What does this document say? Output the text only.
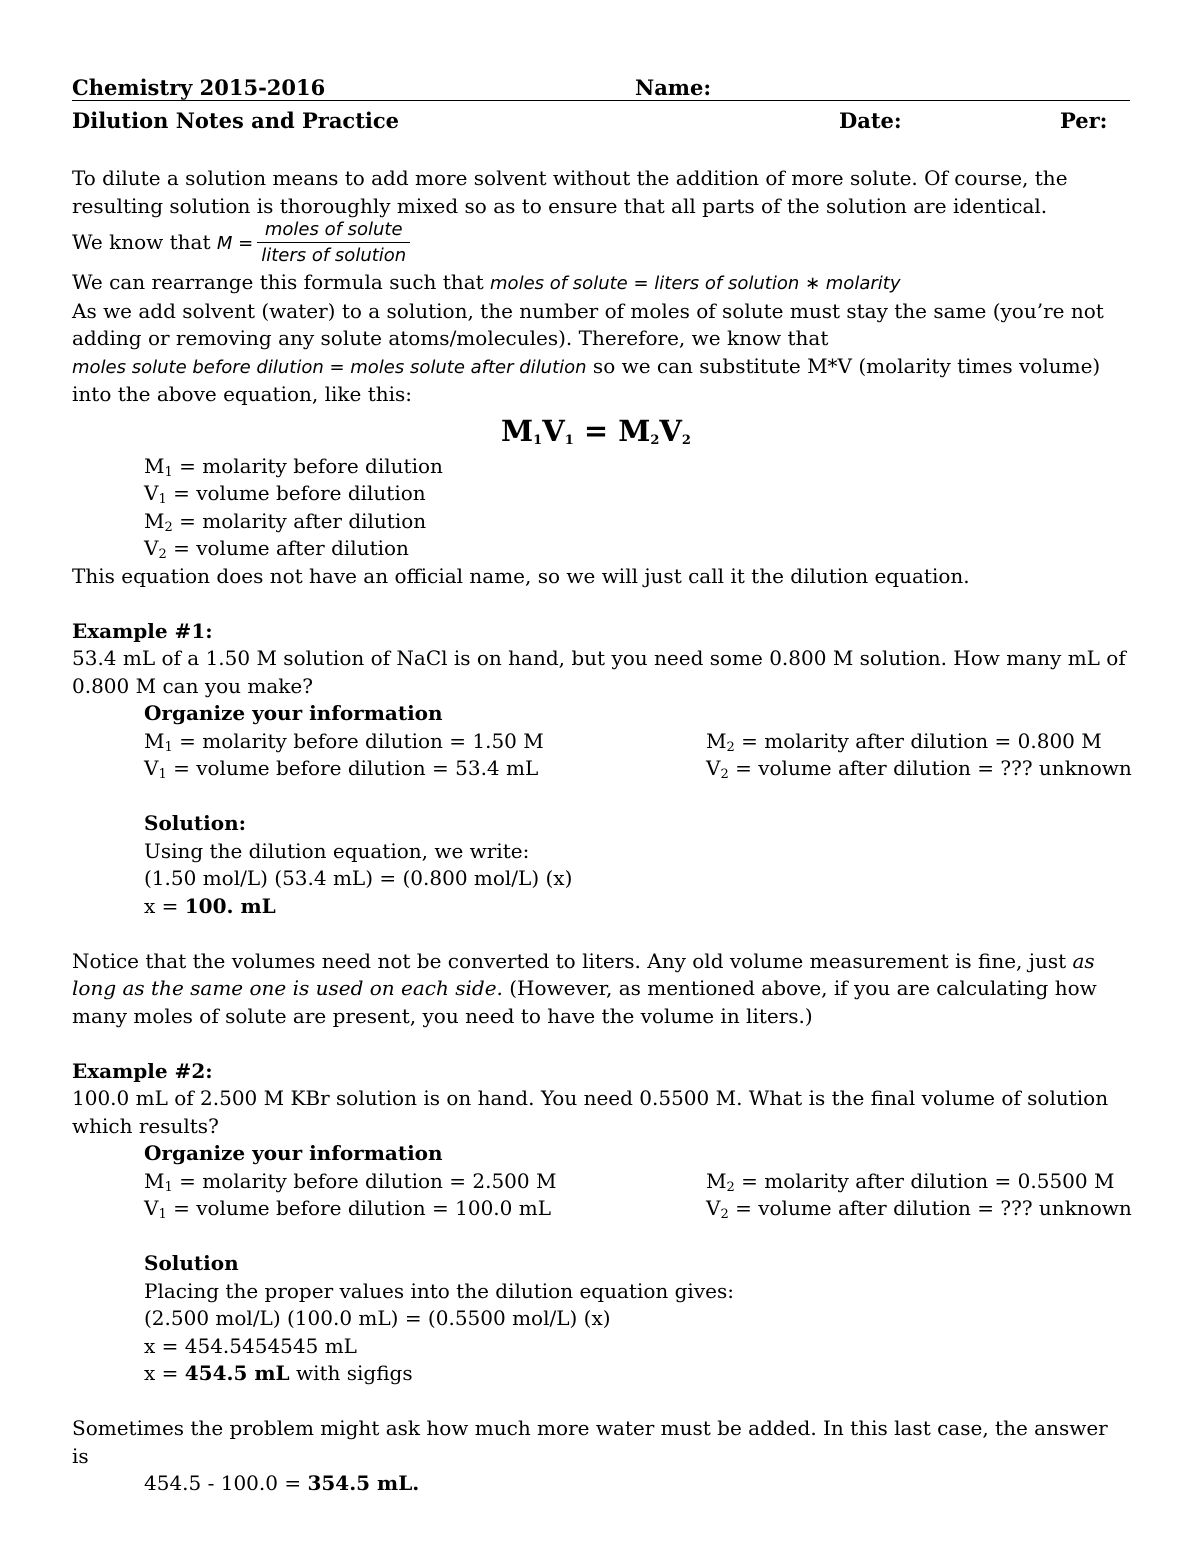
Chemistry 2015-2016	Name:
Dilution Notes and Practice	Date:	Per:

To dilute a solution means to add more solvent without the addition of more solute. Of course, the resulting solution is thoroughly mixed so as to ensure that all parts of the solution are identical.

We know that $M = \frac{\text{moles of solute}}{\text{liters of solution}}$

We can rearrange this formula such that moles of solute = liters of solution ∗ molarity

As we add solvent (water) to a solution, the number of moles of solute must stay the same (you’re not adding or removing any solute atoms/molecules). Therefore, we know that

moles solute before dilution = moles solute after dilution so we can substitute M*V (molarity times volume)

into the above equation, like this:

$M_1V_1 = M_2V_2$

$M_1$ = molarity before dilution

$V_1$ = volume before dilution

$M_2$ = molarity after dilution

$V_2$ = volume after dilution

This equation does not have an official name, so we will just call it the dilution equation.

Example #1:

53.4 mL of a 1.50 M solution of NaCl is on hand, but you need some 0.800 M solution. How many mL of 0.800 M can you make?

Organize your information

$M_1$ = molarity before dilution = 1.50 M	$M_2$ = molarity after dilution = 0.800 M
$V_1$ = volume before dilution = 53.4 mL	$V_2$ = volume after dilution = ??? unknown

Solution:

Using the dilution equation, we write:

(1.50 mol/L) (53.4 mL) = (0.800 mol/L) (x)

x = 100. mL

Notice that the volumes need not be converted to liters. Any old volume measurement is fine, just as long as the same one is used on each side. (However, as mentioned above, if you are calculating how many moles of solute are present, you need to have the volume in liters.)

Example #2:

100.0 mL of 2.500 M KBr solution is on hand. You need 0.5500 M. What is the final volume of solution which results?

Organize your information

$M_1$ = molarity before dilution = 2.500 M	$M_2$ = molarity after dilution = 0.5500 M
$V_1$ = volume before dilution = 100.0 mL	$V_2$ = volume after dilution = ??? unknown

Solution

Placing the proper values into the dilution equation gives:

(2.500 mol/L) (100.0 mL) = (0.5500 mol/L) (x)

x = 454.5454545 mL

x = 454.5 mL with sigfigs

Sometimes the problem might ask how much more water must be added. In this last case, the answer is

454.5 - 100.0 = 354.5 mL.
